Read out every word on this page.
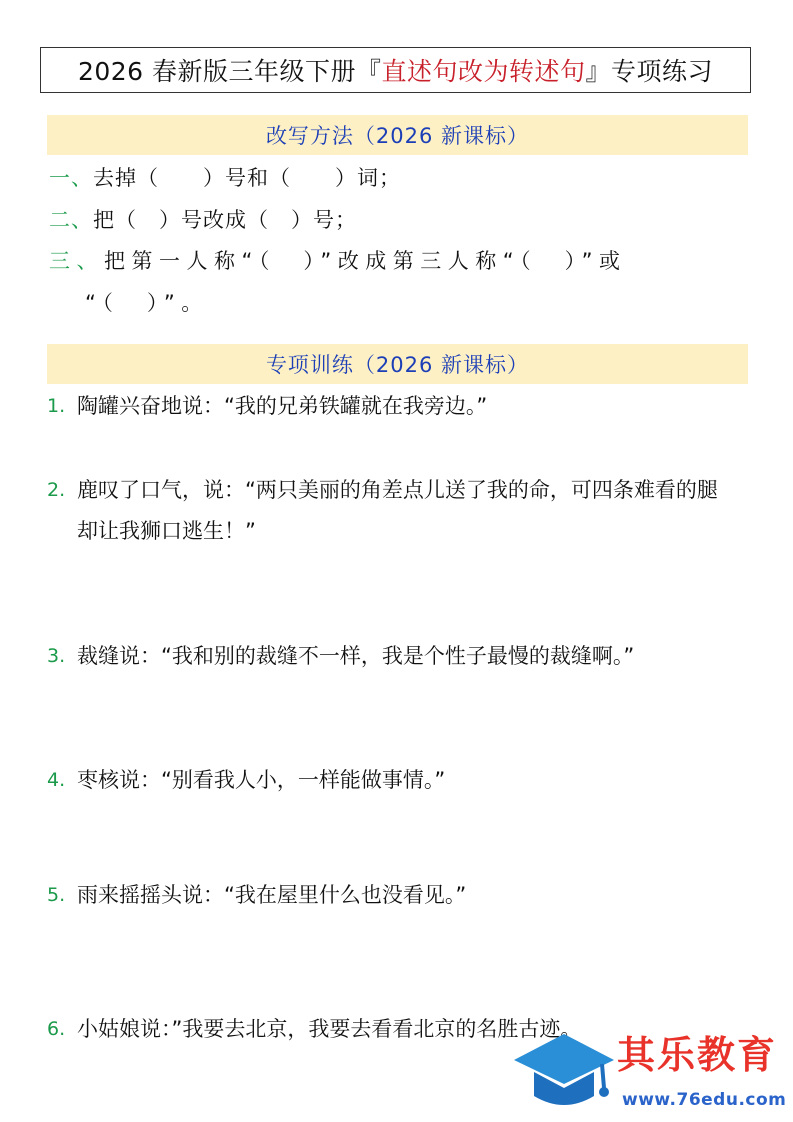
2026 春新版三年级下册『 直述句改为转述句 』专项练习
改写方法（2026 新课标）
一、去掉（　　）号和（　　）词；
二、把（　）号改成（　）号；
三、把第一人称“（　）”改成第三人称“（　）”或
“（　）”。
专项训练（2026 新课标）
1. 陶罐兴奋地说：“我的兄弟铁罐就在我旁边。”
2. 鹿叹了口气，说：“两只美丽的角差点儿送了我的命，可四条难看的腿却让我狮口逃生！”
3. 裁缝说：“我和别的裁缝不一样，我是个性子最慢的裁缝啊。”
4. 枣核说：“别看我人小，一样能做事情。”
5. 雨来摇摇头说：“我在屋里什么也没看见。”
6. 小姑娘说：”我要去北京，我要去看看北京的名胜古迹。
其乐教育
www.76edu.com
